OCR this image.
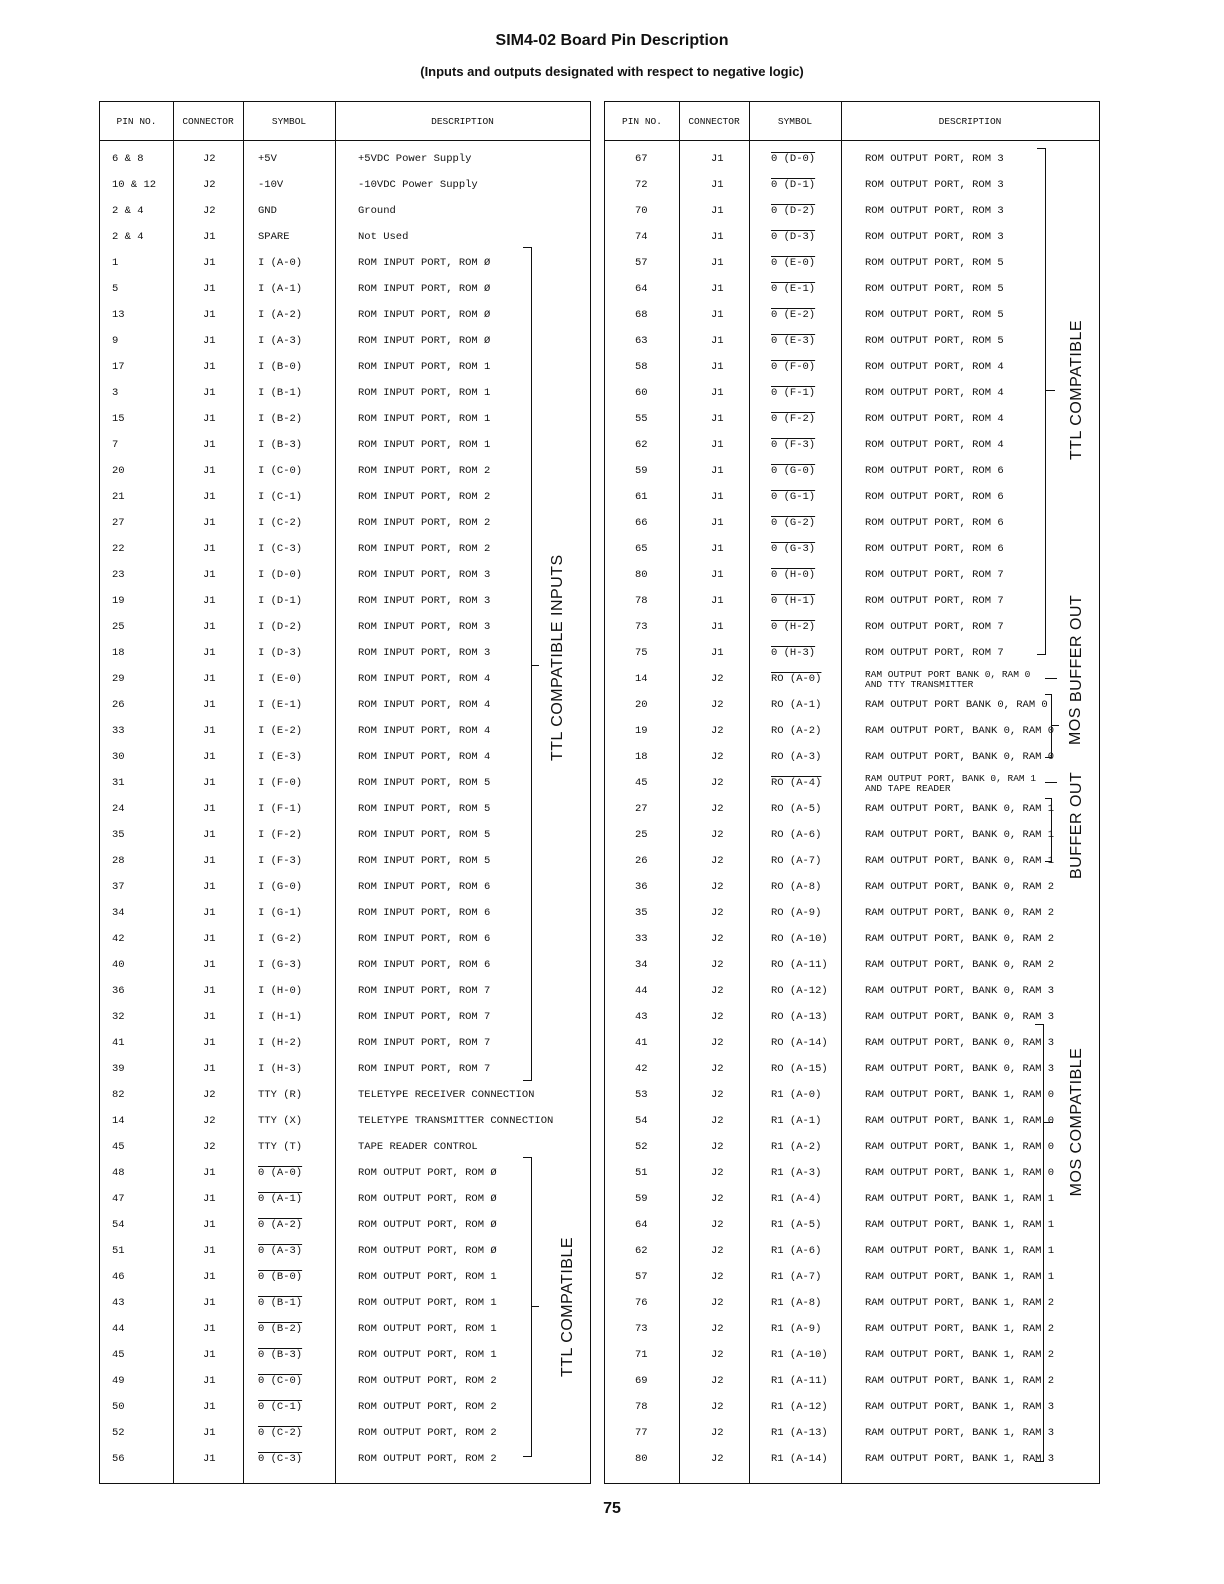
SIM4-02 Board Pin Description
(Inputs and outputs designated with respect to negative logic)
PIN NO.	CONNECTOR	SYMBOL	DESCRIPTION
6 & 8	J2	+5V	+5VDC Power Supply
10 & 12	J2	-10V	-10VDC Power Supply
2 & 4	J2	GND	Ground
2 & 4	J1	SPARE	Not Used
1	J1	I (A-0)	ROM INPUT PORT, ROM Ø
5	J1	I (A-1)	ROM INPUT PORT, ROM Ø
13	J1	I (A-2)	ROM INPUT PORT, ROM Ø
9	J1	I (A-3)	ROM INPUT PORT, ROM Ø
17	J1	I (B-0)	ROM INPUT PORT, ROM 1
3	J1	I (B-1)	ROM INPUT PORT, ROM 1
15	J1	I (B-2)	ROM INPUT PORT, ROM 1
7	J1	I (B-3)	ROM INPUT PORT, ROM 1
20	J1	I (C-0)	ROM INPUT PORT, ROM 2
21	J1	I (C-1)	ROM INPUT PORT, ROM 2
27	J1	I (C-2)	ROM INPUT PORT, ROM 2
22	J1	I (C-3)	ROM INPUT PORT, ROM 2
23	J1	I (D-0)	ROM INPUT PORT, ROM 3
19	J1	I (D-1)	ROM INPUT PORT, ROM 3
25	J1	I (D-2)	ROM INPUT PORT, ROM 3
18	J1	I (D-3)	ROM INPUT PORT, ROM 3
29	J1	I (E-0)	ROM INPUT PORT, ROM 4
26	J1	I (E-1)	ROM INPUT PORT, ROM 4
33	J1	I (E-2)	ROM INPUT PORT, ROM 4
30	J1	I (E-3)	ROM INPUT PORT, ROM 4
31	J1	I (F-0)	ROM INPUT PORT, ROM 5
24	J1	I (F-1)	ROM INPUT PORT, ROM 5
35	J1	I (F-2)	ROM INPUT PORT, ROM 5
28	J1	I (F-3)	ROM INPUT PORT, ROM 5
37	J1	I (G-0)	ROM INPUT PORT, ROM 6
34	J1	I (G-1)	ROM INPUT PORT, ROM 6
42	J1	I (G-2)	ROM INPUT PORT, ROM 6
40	J1	I (G-3)	ROM INPUT PORT, ROM 6
36	J1	I (H-0)	ROM INPUT PORT, ROM 7
32	J1	I (H-1)	ROM INPUT PORT, ROM 7
41	J1	I (H-2)	ROM INPUT PORT, ROM 7
39	J1	I (H-3)	ROM INPUT PORT, ROM 7
82	J2	TTY (R)	TELETYPE RECEIVER CONNECTION
14	J2	TTY (X)	TELETYPE TRANSMITTER CONNECTION
45	J2	TTY (T)	TAPE READER CONTROL
48	J1	0 (A-0)	ROM OUTPUT PORT, ROM Ø
47	J1	0 (A-1)	ROM OUTPUT PORT, ROM Ø
54	J1	0 (A-2)	ROM OUTPUT PORT, ROM Ø
51	J1	0 (A-3)	ROM OUTPUT PORT, ROM Ø
46	J1	0 (B-0)	ROM OUTPUT PORT, ROM 1
43	J1	0 (B-1)	ROM OUTPUT PORT, ROM 1
44	J1	0 (B-2)	ROM OUTPUT PORT, ROM 1
45	J1	0 (B-3)	ROM OUTPUT PORT, ROM 1
49	J1	0 (C-0)	ROM OUTPUT PORT, ROM 2
50	J1	0 (C-1)	ROM OUTPUT PORT, ROM 2
52	J1	0 (C-2)	ROM OUTPUT PORT, ROM 2
56	J1	0 (C-3)	ROM OUTPUT PORT, ROM 2
TTL COMPATIBLE INPUTS
TTL COMPATIBLE
PIN NO.	CONNECTOR	SYMBOL	DESCRIPTION
67	J1	0 (D-0)	ROM OUTPUT PORT, ROM 3
72	J1	0 (D-1)	ROM OUTPUT PORT, ROM 3
70	J1	0 (D-2)	ROM OUTPUT PORT, ROM 3
74	J1	0 (D-3)	ROM OUTPUT PORT, ROM 3
57	J1	0 (E-0)	ROM OUTPUT PORT, ROM 5
64	J1	0 (E-1)	ROM OUTPUT PORT, ROM 5
68	J1	0 (E-2)	ROM OUTPUT PORT, ROM 5
63	J1	0 (E-3)	ROM OUTPUT PORT, ROM 5
58	J1	0 (F-0)	ROM OUTPUT PORT, ROM 4
60	J1	0 (F-1)	ROM OUTPUT PORT, ROM 4
55	J1	0 (F-2)	ROM OUTPUT PORT, ROM 4
62	J1	0 (F-3)	ROM OUTPUT PORT, ROM 4
59	J1	0 (G-0)	ROM OUTPUT PORT, ROM 6
61	J1	0 (G-1)	ROM OUTPUT PORT, ROM 6
66	J1	0 (G-2)	ROM OUTPUT PORT, ROM 6
65	J1	0 (G-3)	ROM OUTPUT PORT, ROM 6
80	J1	0 (H-0)	ROM OUTPUT PORT, ROM 7
78	J1	0 (H-1)	ROM OUTPUT PORT, ROM 7
73	J1	0 (H-2)	ROM OUTPUT PORT, ROM 7
75	J1	0 (H-3)	ROM OUTPUT PORT, ROM 7
14	J2	RO (A-0)	RAM OUTPUT PORT BANK 0, RAM 0
AND TTY TRANSMITTER
20	J2	RO (A-1)	RAM OUTPUT PORT BANK 0, RAM 0
19	J2	RO (A-2)	RAM OUTPUT PORT, BANK 0, RAM 0
18	J2	RO (A-3)	RAM OUTPUT PORT, BANK 0, RAM 0
45	J2	RO (A-4)	RAM OUTPUT PORT, BANK 0, RAM 1
AND TAPE READER
27	J2	RO (A-5)	RAM OUTPUT PORT, BANK 0, RAM 1
25	J2	RO (A-6)	RAM OUTPUT PORT, BANK 0, RAM 1
26	J2	RO (A-7)	RAM OUTPUT PORT, BANK 0, RAM 1
36	J2	RO (A-8)	RAM OUTPUT PORT, BANK 0, RAM 2
35	J2	RO (A-9)	RAM OUTPUT PORT, BANK 0, RAM 2
33	J2	RO (A-10)	RAM OUTPUT PORT, BANK 0, RAM 2
34	J2	RO (A-11)	RAM OUTPUT PORT, BANK 0, RAM 2
44	J2	RO (A-12)	RAM OUTPUT PORT, BANK 0, RAM 3
43	J2	RO (A-13)	RAM OUTPUT PORT, BANK 0, RAM 3
41	J2	RO (A-14)	RAM OUTPUT PORT, BANK 0, RAM 3
42	J2	RO (A-15)	RAM OUTPUT PORT, BANK 0, RAM 3
53	J2	R1 (A-0)	RAM OUTPUT PORT, BANK 1, RAM 0
54	J2	R1 (A-1)	RAM OUTPUT PORT, BANK 1, RAM 0
52	J2	R1 (A-2)	RAM OUTPUT PORT, BANK 1, RAM 0
51	J2	R1 (A-3)	RAM OUTPUT PORT, BANK 1, RAM 0
59	J2	R1 (A-4)	RAM OUTPUT PORT, BANK 1, RAM 1
64	J2	R1 (A-5)	RAM OUTPUT PORT, BANK 1, RAM 1
62	J2	R1 (A-6)	RAM OUTPUT PORT, BANK 1, RAM 1
57	J2	R1 (A-7)	RAM OUTPUT PORT, BANK 1, RAM 1
76	J2	R1 (A-8)	RAM OUTPUT PORT, BANK 1, RAM 2
73	J2	R1 (A-9)	RAM OUTPUT PORT, BANK 1, RAM 2
71	J2	R1 (A-10)	RAM OUTPUT PORT, BANK 1, RAM 2
69	J2	R1 (A-11)	RAM OUTPUT PORT, BANK 1, RAM 2
78	J2	R1 (A-12)	RAM OUTPUT PORT, BANK 1, RAM 3
77	J2	R1 (A-13)	RAM OUTPUT PORT, BANK 1, RAM 3
80	J2	R1 (A-14)	RAM OUTPUT PORT, BANK 1, RAM 3
TTL COMPATIBLE
BUFFER OUT
MOS
BUFFER OUT
MOS COMPATIBLE
75
